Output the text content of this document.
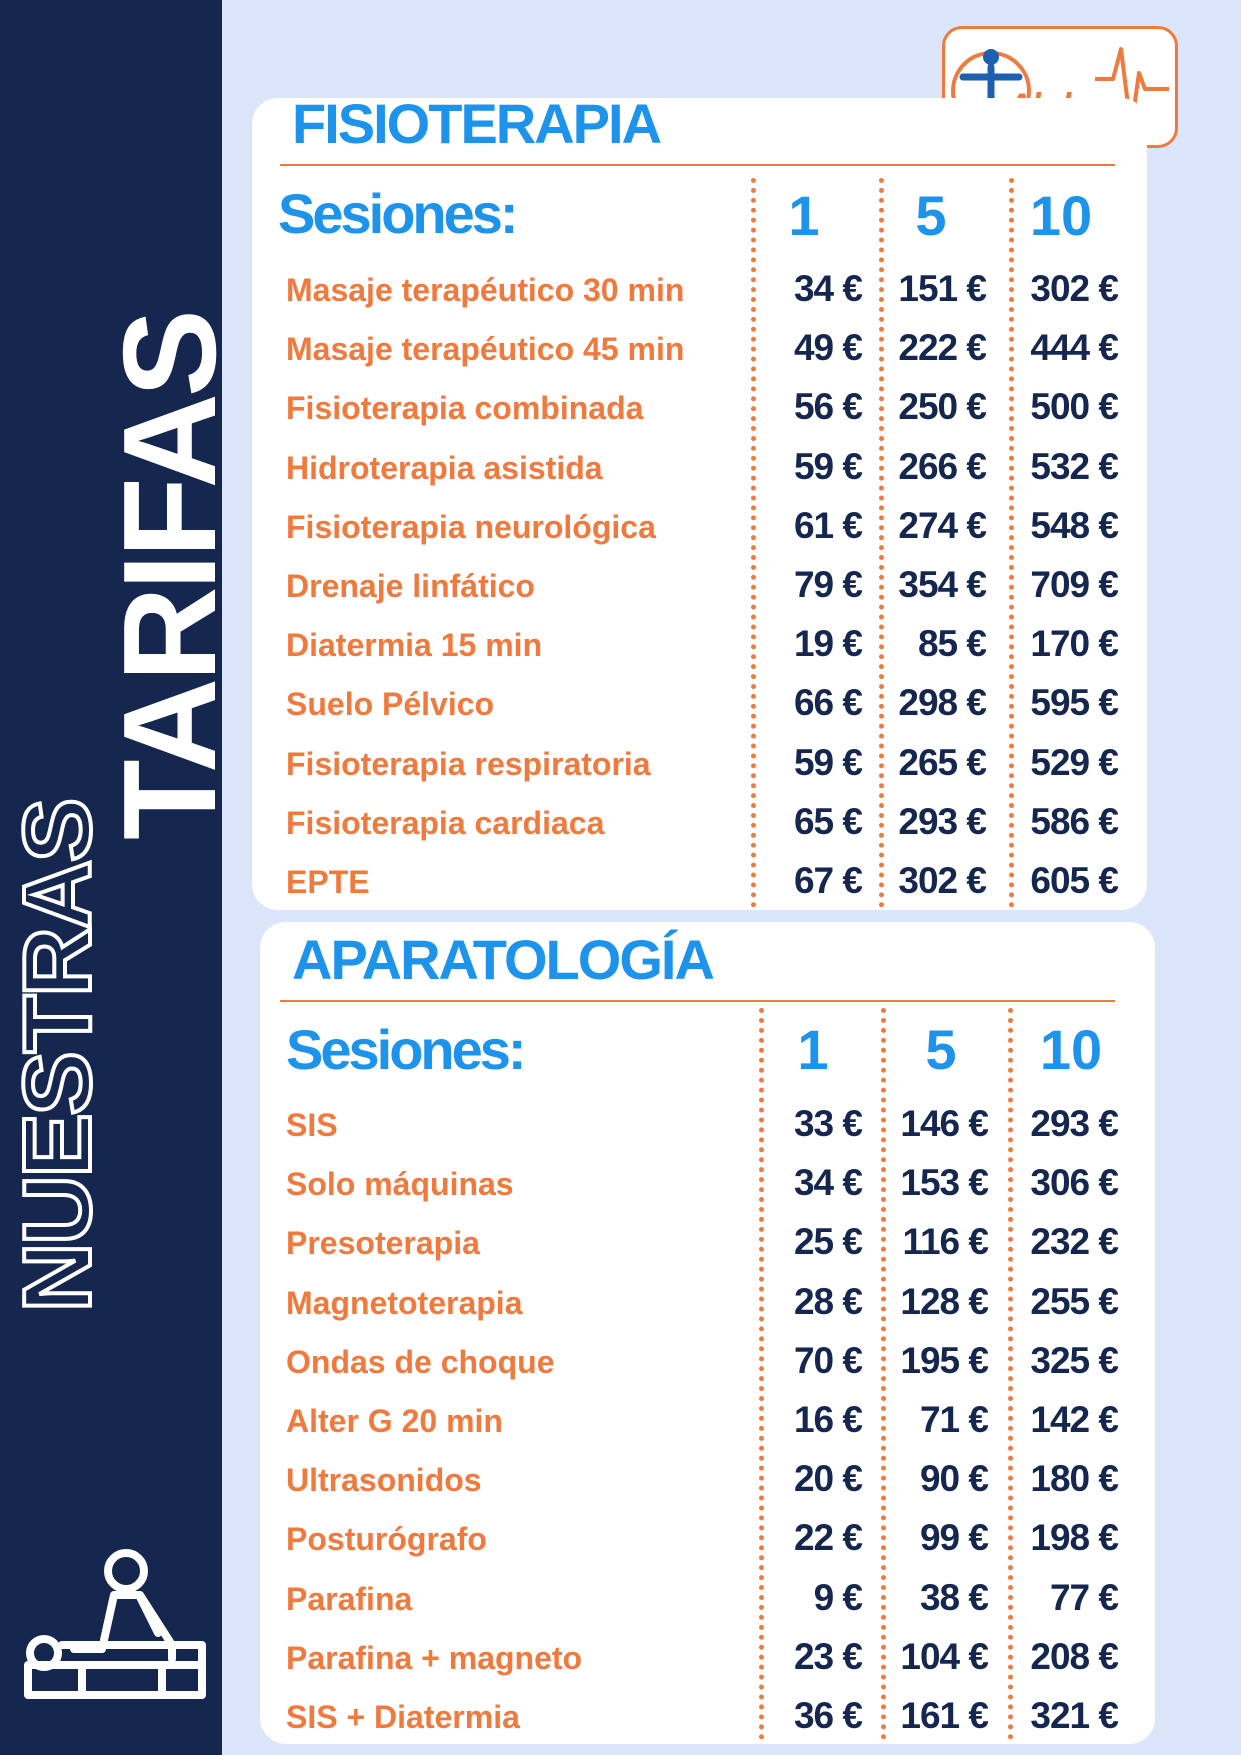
NUESTRAS
TARIFAS
FISIOTERAPIA
Sesiones:	1	5	10
Masaje terapéutico 30 min	34 € 151 €	302 €
Masaje terapéutico 45 min	49 € 222 €	444 €
Fisioterapia combinada	56 € 250 €	500 €
Hidroterapia asistida	59 € 266 €	532 €
Fisioterapia neurológica	61 € 274 €	548 €
Drenaje linfático	79 € 354 €	709 €
Diatermia 15 min	19 €	85 €	170 €
Suelo Pélvico	66 € 298 €	595 €
Fisioterapia respiratoria	59 € 265 €	529 €
Fisioterapia cardiaca	65 € 293 €	586 €
EPTE	67 € 302 €	605 €
APARATOLOGÍA
Sesiones:	1	5	10
SIS	33 €	146 €	293 €
Solo máquinas	34 €	153 €	306 €
Presoterapia	25 €	116 €	232 €
Magnetoterapia	28 €	128 €	255 €
Ondas de choque	70 €	195 €	325 €
Alter G 20 min	16 €	71 €	142 €
Ultrasonidos	20 €	90 €	180 €
Posturógrafo	22 €	99 €	198 €
Parafina	9 €	38 €	77 €
Parafina + magneto	23 €	104 €	208 €
SIS + Diatermia	36 €	161 €	321 €
